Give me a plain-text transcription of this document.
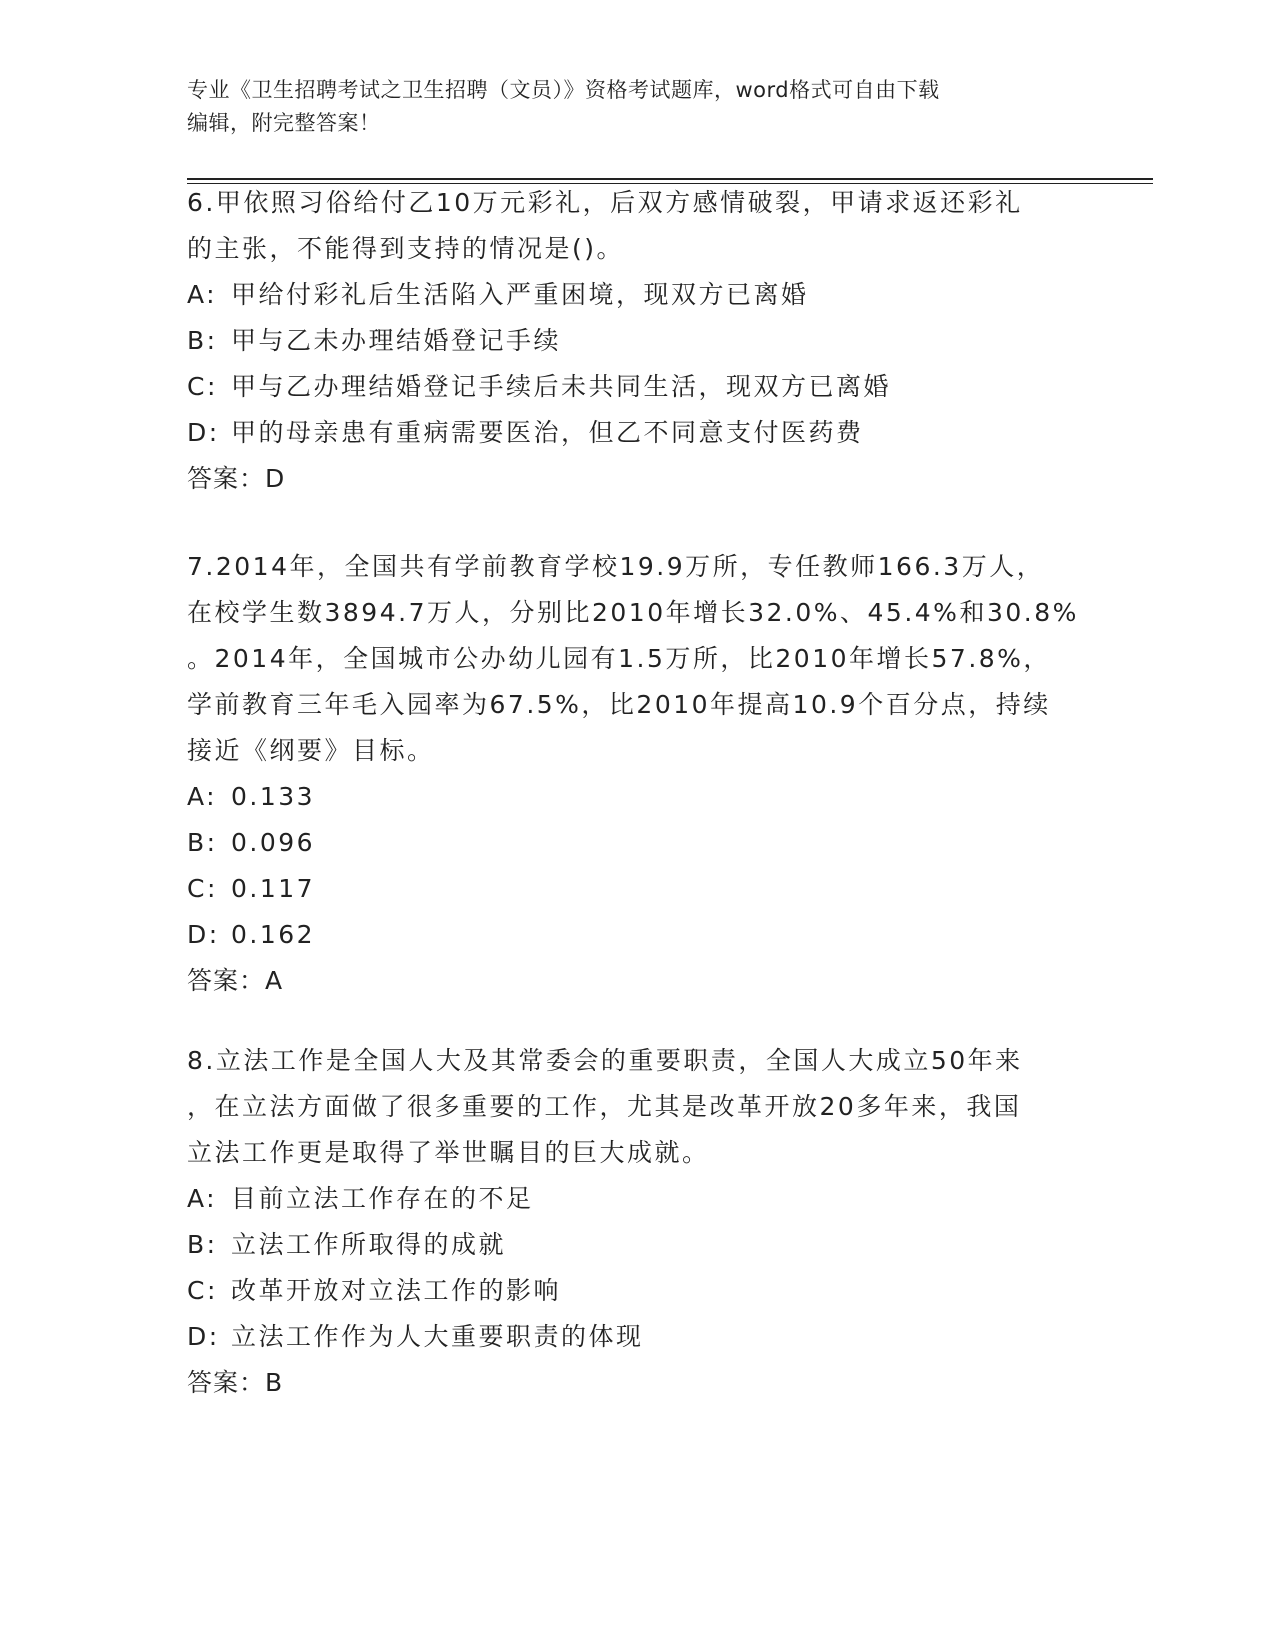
专业《卫生招聘考试之卫生招聘（文员）》资格考试题库，word格式可自由下载
编辑，附完整答案！
6.甲依照习俗给付乙10万元彩礼，后双方感情破裂，甲请求返还彩礼
的主张，不能得到支持的情况是()。
A: 甲给付彩礼后生活陷入严重困境，现双方已离婚
B: 甲与乙未办理结婚登记手续
C: 甲与乙办理结婚登记手续后未共同生活，现双方已离婚
D: 甲的母亲患有重病需要医治，但乙不同意支付医药费
答案：D
7.2014年，全国共有学前教育学校19.9万所，专任教师166.3万人，
在校学生数3894.7万人，分别比2010年增长32.0%、45.4%和30.8%
。2014年，全国城市公办幼儿园有1.5万所，比2010年增长57.8%，
学前教育三年毛入园率为67.5%，比2010年提高10.9个百分点，持续
接近《纲要》目标。
A: 0.133
B: 0.096
C: 0.117
D: 0.162
答案：A
8.立法工作是全国人大及其常委会的重要职责，全国人大成立50年来
，在立法方面做了很多重要的工作，尤其是改革开放20多年来，我国
立法工作更是取得了举世瞩目的巨大成就。
A: 目前立法工作存在的不足
B: 立法工作所取得的成就
C: 改革开放对立法工作的影响
D: 立法工作作为人大重要职责的体现
答案：B
